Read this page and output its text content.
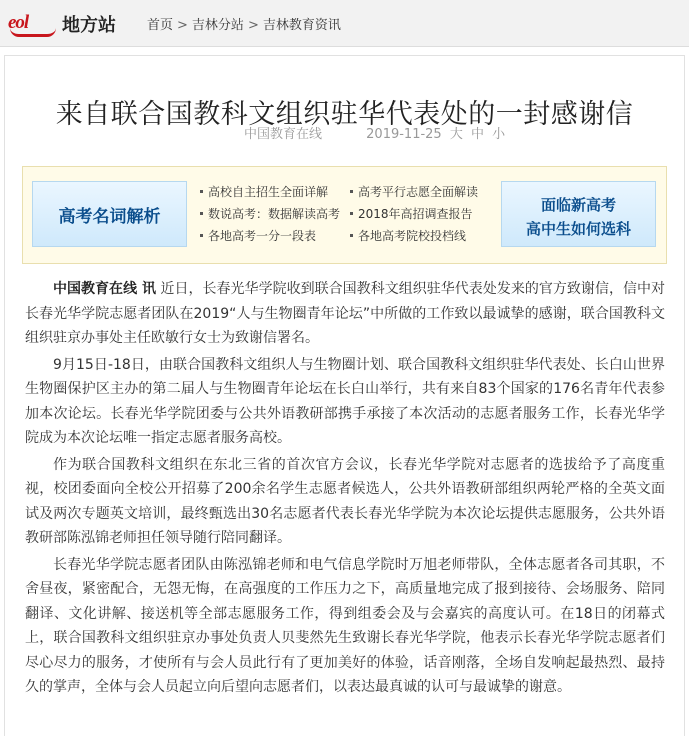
eol 地方站 首页 > 吉林分站 > 吉林教育资讯
来自联合国教科文组织驻华代表处的一封感谢信
中国教育在线	2019-11-25 大 中 小
高考名词解析
高校自主招生全面详解
数说高考：数据解读高考
各地高考一分一段表
高考平行志愿全面解读
2018年高招调查报告
各地高考院校投档线
面临新高考
高中生如何选科

中国教育在线 讯 近日，长春光华学院收到联合国教科文组织驻华代表处发来的官方致谢信，信中对长春光华学院志愿者团队在2019“人与生物圈青年论坛”中所做的工作致以最诚挚的感谢，联合国教科文组织驻京办事处主任欧敏行女士为致谢信署名。

9月15日-18日，由联合国教科文组织人与生物圈计划、联合国教科文组织驻华代表处、长白山世界生物圈保护区主办的第二届人与生物圈青年论坛在长白山举行，共有来自83个国家的176名青年代表参加本次论坛。长春光华学院团委与公共外语教研部携手承接了本次活动的志愿者服务工作，长春光华学院成为本次论坛唯一指定志愿者服务高校。

作为联合国教科文组织在东北三省的首次官方会议，长春光华学院对志愿者的选拔给予了高度重视，校团委面向全校公开招募了200余名学生志愿者候选人，公共外语教研部组织两轮严格的全英文面试及两次专题英文培训，最终甄选出30名志愿者代表长春光华学院为本次论坛提供志愿服务，公共外语教研部陈泓锦老师担任领导随行陪同翻译。

长春光华学院志愿者团队由陈泓锦老师和电气信息学院时万旭老师带队，全体志愿者各司其职，不舍昼夜，紧密配合，无怨无悔，在高强度的工作压力之下，高质量地完成了报到接待、会场服务、陪同翻译、文化讲解、接送机等全部志愿服务工作，得到组委会及与会嘉宾的高度认可。在18日的闭幕式上，联合国教科文组织驻京办事处负责人贝斐然先生致谢长春光华学院，他表示长春光华学院志愿者们尽心尽力的服务，才使所有与会人员此行有了更加美好的体验，话音刚落，全场自发响起最热烈、最持久的掌声，全体与会人员起立向后望向志愿者们，以表达最真诚的认可与最诚挚的谢意。
